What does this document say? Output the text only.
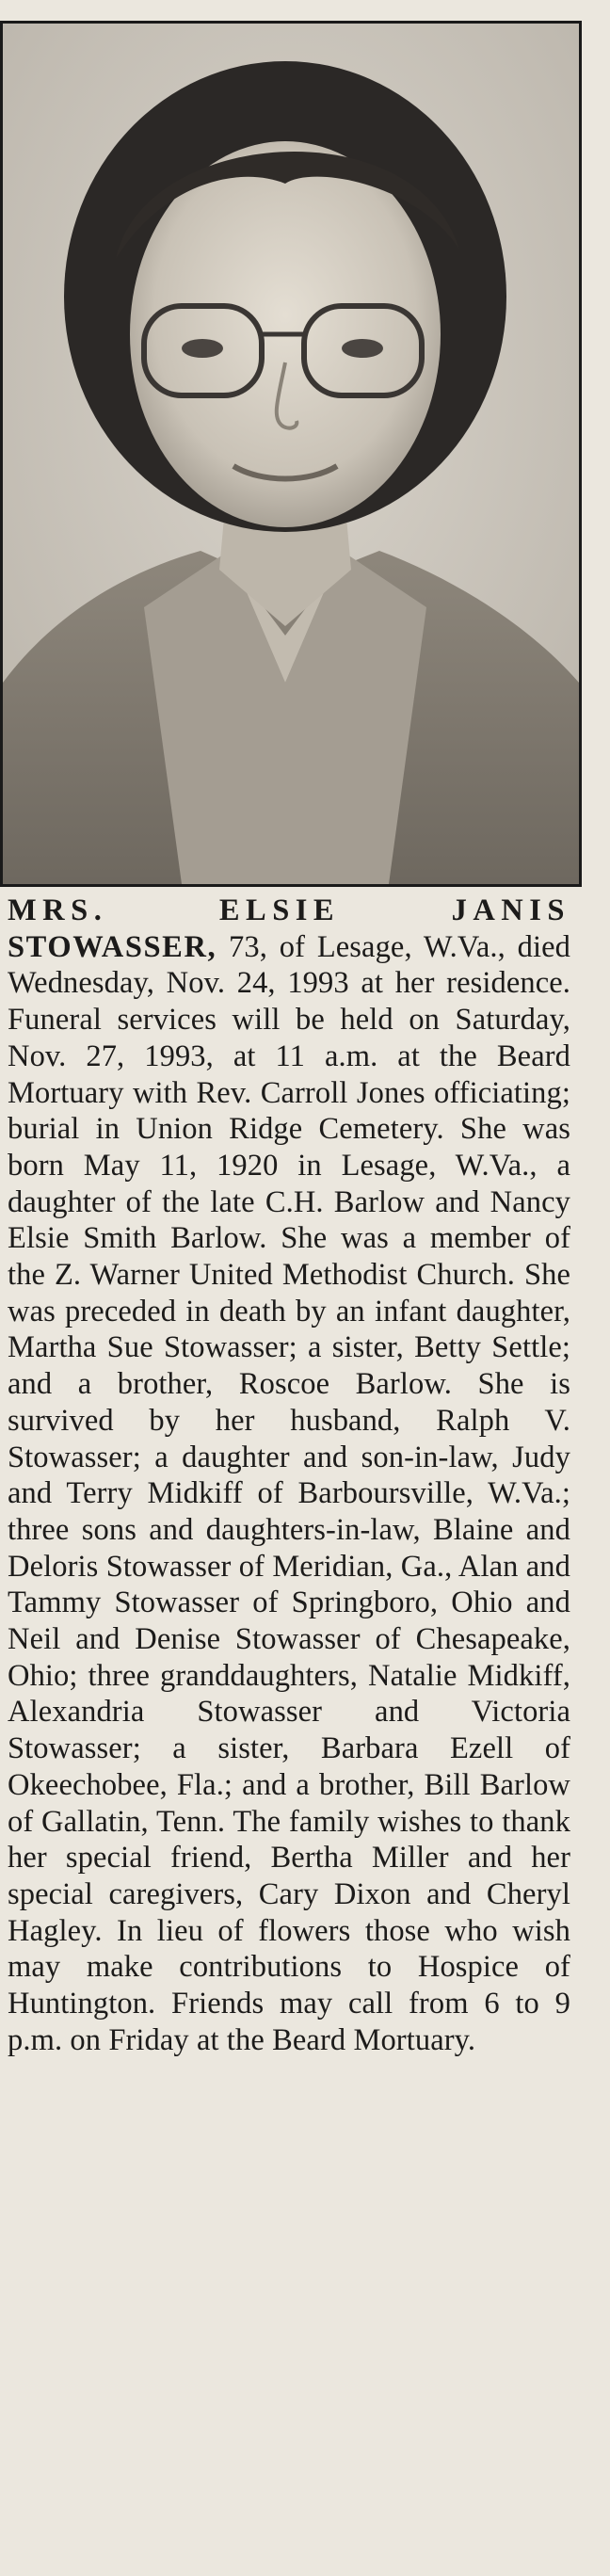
MRS. ELSIE JANIS STOWASSER, 73, of Lesage, W.Va., died Wednesday, Nov. 24, 1993 at her residence. Funeral services will be held on Saturday, Nov. 27, 1993, at 11 a.m. at the Beard Mortuary with Rev. Carroll Jones officiating; burial in Union Ridge Cemetery. She was born May 11, 1920 in Lesage, W.Va., a daughter of the late C.H. Barlow and Nancy Elsie Smith Barlow. She was a member of the Z. Warner United Methodist Church. She was preceded in death by an infant daughter, Martha Sue Stowasser; a sister, Betty Settle; and a brother, Roscoe Barlow. She is survived by her husband, Ralph V. Stowasser; a daughter and son-in-law, Judy and Terry Midkiff of Barboursville, W.Va.; three sons and daughters-in-law, Blaine and Deloris Stowasser of Meridian, Ga., Alan and Tammy Stowasser of Springboro, Ohio and Neil and Denise Stowasser of Chesapeake, Ohio; three granddaughters, Natalie Midkiff, Alexandria Stowasser and Victoria Stowasser; a sister, Barbara Ezell of Okeechobee, Fla.; and a brother, Bill Barlow of Gallatin, Tenn. The family wishes to thank her special friend, Bertha Miller and her special caregivers, Cary Dixon and Cheryl Hagley. In lieu of flowers those who wish may make contributions to Hospice of Huntington. Friends may call from 6 to 9 p.m. on Friday at the Beard Mortuary.
